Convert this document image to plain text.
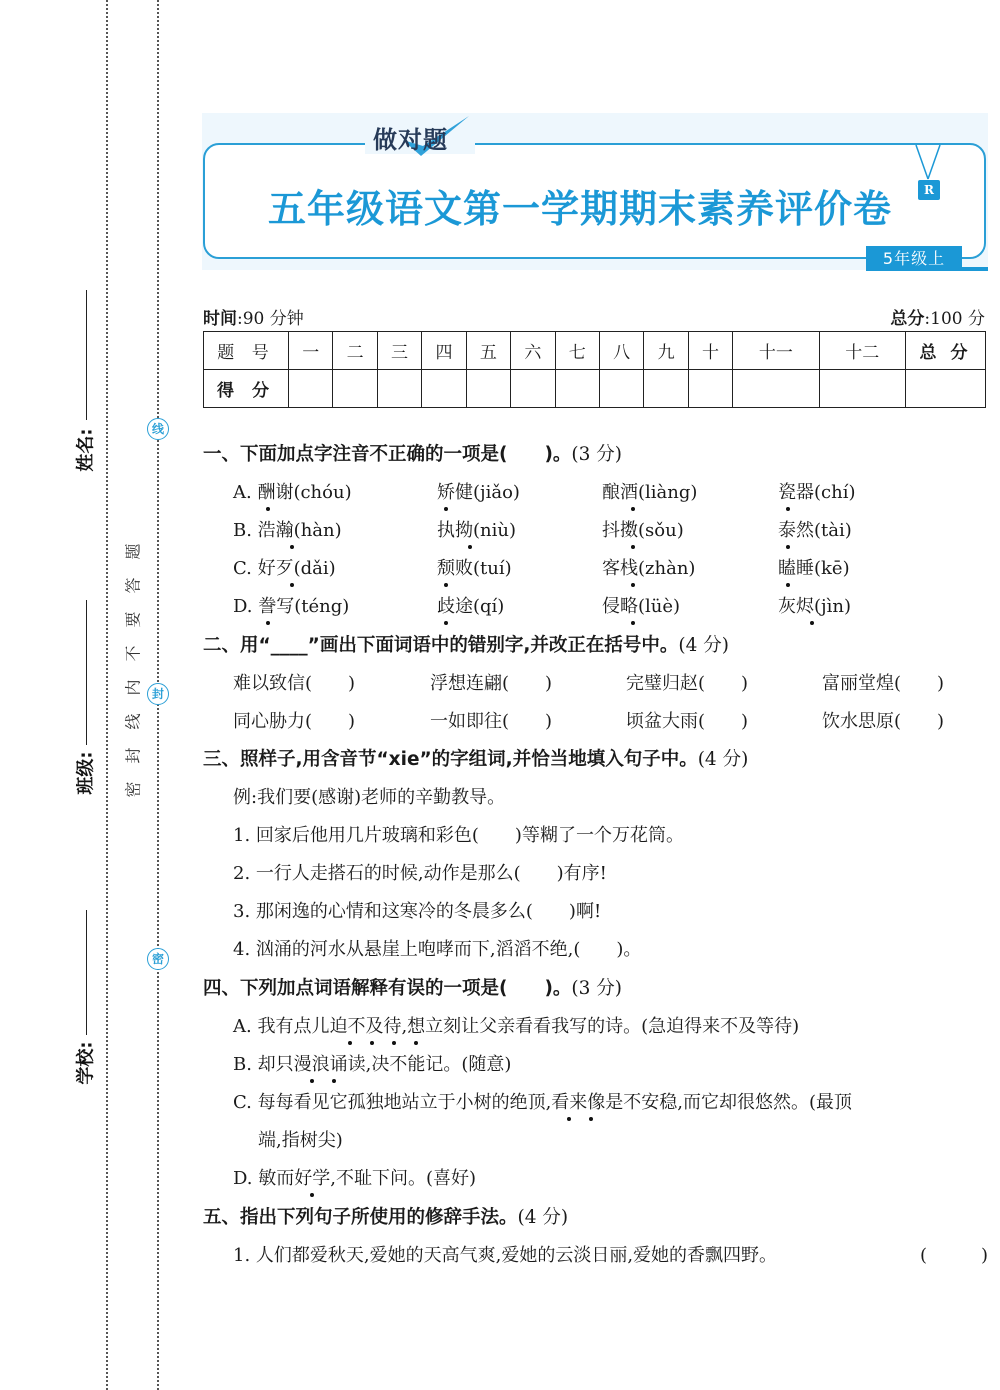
线
封
密
题
答
要
不
内
线
封
密
姓名:
班级:
学校:
做对题
R
五年级语文第一学期期末素养评价卷
5年级上
时间:90 分钟	总分:100 分
题 号	一	二	三	四	五	六	七	八	九	十	十一	十二	总 分
得 分													
一、下面加点字注音不正确的一项是(　　)。(3 分)
A. 酬谢(chóu)	矫健(jiǎo)	酿酒(liàng)	瓷器(chí)
B. 浩瀚(hàn)	执拗(niù)	抖擞(sǒu)	泰然(tài)
C. 好歹(dǎi)	颓败(tuí)	客栈(zhàn)	瞌睡(kē)
D. 誊写(téng)	歧途(qí)	侵略(lüè)	灰烬(jìn)
二、用“____”画出下面词语中的错别字,并改正在括号中。(4 分)
难以致信(　　)	浮想连翩(　　)	完璧归赵(　　)	富丽堂煌(　　)
同心胁力(　　)	一如即往(　　)	顷盆大雨(　　)	饮水思原(　　)
三、照样子,用含音节“xie”的字组词,并恰当地填入句子中。(4 分)
例:我们要(感谢)老师的辛勤教导。
1. 回家后他用几片玻璃和彩色(　　)等糊了一个万花筒。
2. 一行人走搭石的时候,动作是那么(　　)有序!
3. 那闲逸的心情和这寒冷的冬晨多么(　　)啊!
4. 汹涌的河水从悬崖上咆哮而下,滔滔不绝,(　　)。
四、下列加点词语解释有误的一项是(　　)。(3 分)
A. 我有点儿迫不及待,想立刻让父亲看看我写的诗。(急迫得来不及等待)
B. 却只漫浪诵读,决不能记。(随意)
C. 每每看见它孤独地站立于小树的绝顶,看来像是不安稳,而它却很悠然。(最顶
端,指树尖)
D. 敏而好学,不耻下问。(喜好)
五、指出下列句子所使用的修辞手法。(4 分)
1. 人们都爱秋天,爱她的天高气爽,爱她的云淡日丽,爱她的香飘四野。	(　　　)
